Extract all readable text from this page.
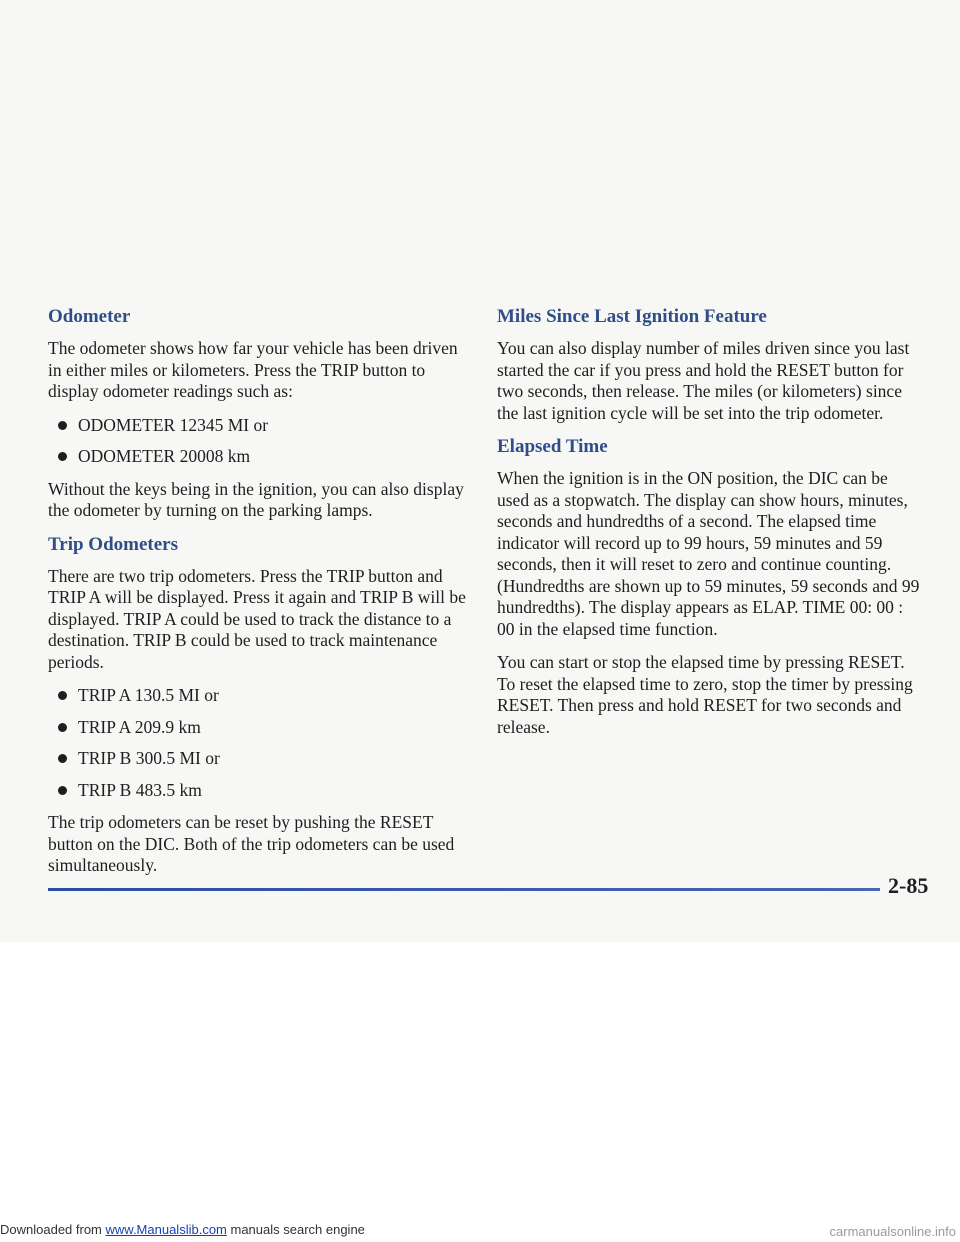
Odometer

The odometer shows how far your vehicle has been driven in either miles or kilometers. Press the TRIP button to display odometer readings such as:

ODOMETER 12345 MI or
ODOMETER 20008 km

Without the keys being in the ignition, you can also display the odometer by turning on the parking lamps.

Trip Odometers

There are two trip odometers. Press the TRIP button and TRIP A will be displayed. Press it again and TRIP B will be displayed. TRIP A could be used to track the distance to a destination. TRIP B could be used to track maintenance periods.

TRIP A 130.5 MI or
TRIP A 209.9 km
TRIP B 300.5 MI or
TRIP B 483.5 km

The trip odometers can be reset by pushing the RESET button on the DIC. Both of the trip odometers can be used simultaneously.

Miles Since Last Ignition Feature

You can also display number of miles driven since you last started the car if you press and hold the RESET button for two seconds, then release. The miles (or kilometers) since the last ignition cycle will be set into the trip odometer.

Elapsed Time

When the ignition is in the ON position, the DIC can be used as a stopwatch. The display can show hours, minutes, seconds and hundredths of a second. The elapsed time indicator will record up to 99 hours, 59 minutes and 59 seconds, then it will reset to zero and continue counting. (Hundredths are shown up to 59 minutes, 59 seconds and 99 hundredths). The display appears as ELAP. TIME 00: 00 : 00 in the elapsed time function.

You can start or stop the elapsed time by pressing RESET. To reset the elapsed time to zero, stop the timer by pressing RESET. Then press and hold RESET for two seconds and release.

2-85
Downloaded from www.Manualslib.com manuals search engine	carmanualsonline.info
